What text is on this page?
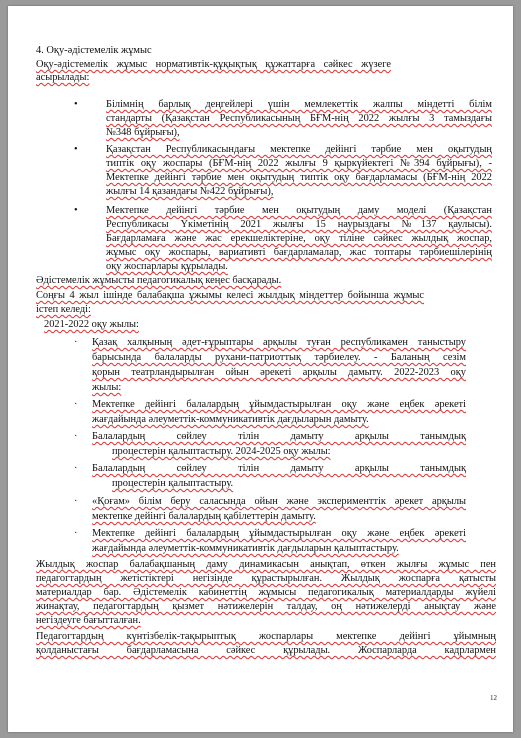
4. Оқу-әдістемелік жұмыс
Оқу-әдістемелік жұмыс нормативтік-құқықтық құжаттарға сәйкес жүзеге
асырылады:
•	Білімнің барлық деңгейлері үшін мемлекеттік жалпы міндетті білім
стандарты (Қазақстан Республикасының БҒМ-нің 2022 жылғы 3 тамыздағы
№348 бұйрығы),
•	Қазақстан Республикасындағы мектепке дейінгі тәрбие мен оқытудың
типтік оқу жоспары (БҒМ-нің 2022 жылғы 9 қыркүйектегі №394 бұйрығы), -
Мектепке дейінгі тәрбие мен оқытудың типтік оқу бағдарламасы (БҒМ-нің 2022
жылғы 14 қазандағы №422 бұйрығы),
•	Мектепке дейінгі тәрбие мен оқытудың даму моделі (Қазақстан
Республикасы Үкіметінің 2021 жылғы 15 наурыздағы №137 қаулысы).
Бағдарламаға және жас ерекшеліктеріне, оқу тіліне сәйкес жылдық жоспар,
жұмыс оқу жоспары, вариативті бағдарламалар, жас топтары тәрбиешілерінің
оқу жоспарлары құрылады.
Әдістемелік жұмысты педагогикалық кеңес басқарады.
Соңғы 4 жыл ішінде балабақша ұжымы келесі жылдық міндеттер бойынша жұмыс
істеп келеді:
2021-2022 оқу жылы:
· Қазақ халқының әдет-ғұрыптары арқылы туған республикамен таныстыру
барысында балаларды рухани-патриоттық тәрбиелеу. - Баланың сезім
қорын театрландырылған ойын әрекеті арқылы дамыту. 2022-2023 оқу
жылы:
· Мектепке дейінгі балалардың ұйымдастырылған оқу және еңбек әрекеті
жағдайында әлеуметтік-коммуникативтік дағдыларын дамыту.
· Балалардың сөйлеу тілін дамыту арқылы танымдық
процестерін қалыптастыру. 2024-2025 оқу жылы:
· Балалардың сөйлеу тілін дамыту арқылы танымдық
процестерін қалыптастыру.
· «Қоғам» білім беру саласында ойын және эксперименттік әрекет арқылы
мектепке дейінгі балалардың қабілеттерін дамыту.
· Мектепке дейінгі балалардың ұйымдастырылған оқу және еңбек әрекеті
жағдайында әлеуметтік-коммуникативтік дағдыларын қалыптастыру.
Жылдық жоспар балабақшаның даму динамикасын анықтап, өткен жылғы жұмыс пен
педагогтардың жетістіктері негізінде құрастырылған. Жылдық жоспарға қатысты
материалдар бар. Әдістемелік кабинеттің жұмысы педагогикалық материалдарды жүйелі
жинақтау, педагогтардың қызмет нәтижелерін талдау, оң нәтижелерді анықтау және
негіздеуге бағытталған.
Педагогтардың күнтізбелік-тақырыптық жоспарлары мектепке дейінгі ұйымның
қолданыстағы бағдарламасына сәйкес құрылады. Жоспарларда кадрлармен
12
